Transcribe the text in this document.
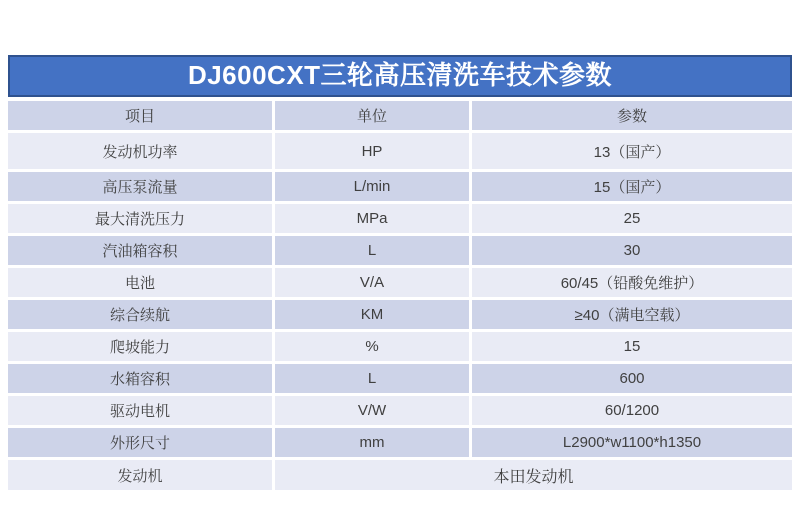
DJ600CXT三轮高压清洗车技术参数
项目	单位	参数
发动机功率	HP	13（国产）
高压泵流量	L/min	15（国产）
最大清洗压力	MPa	25
汽油箱容积	L	30
电池	V/A	60/45（铅酸免维护）
综合续航	KM	≥40（满电空载）
爬坡能力	%	15
水箱容积	L	600
驱动电机	V/W	60/1200
外形尺寸	mm	L2900*w1100*h1350
发动机	本田发动机	
